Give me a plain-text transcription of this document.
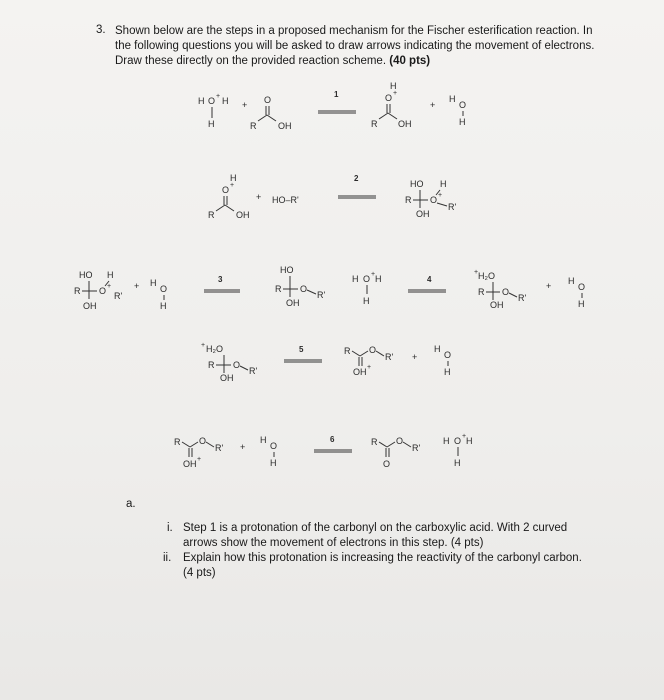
3. Shown below are the steps in a proposed mechanism for the Fischer esterification reaction. In the following questions you will be asked to draw arrows indicating the movement of electrons. Draw these directly on the provided reaction scheme. (40 pts)
H O + H
H
+ O
R OH
1
H
O +
R OH
+
H
O
H
H
O +
R OH
+ HO–R'
2
HO H
R O +
R'
OH
HO H
R O +
R'
OH
+ H
O
H
3
HO
R O
R'
OH
H O + H
H
4	H₂O
+
R O
R'
OH
+ H
O
H
H₂O
+
R O
R'
OH
5	R O
R'
OH +
+
H
O
H
R O
R'
OH +
+
H
O
H
6	R O
R'
O
H O + H
H
a.
i. Step 1 is a protonation of the carbonyl on the carboxylic acid. With 2 curved arrows show the movement of electrons in this step. (4 pts)
ii. Explain how this protonation is increasing the reactivity of the carbonyl carbon. (4 pts)
